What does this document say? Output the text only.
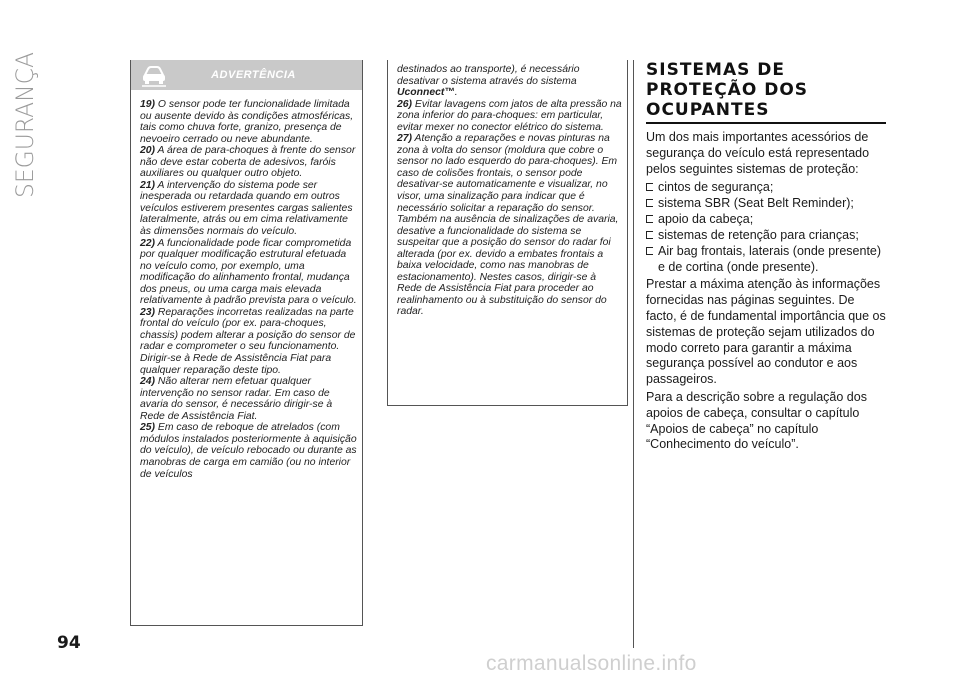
SEGURANÇA	ADVERTÊNCIA

19) O sensor pode ter funcionalidade limitada ou ausente devido às condições atmosféricas, tais como chuva forte, granizo, presença de nevoeiro cerrado ou neve abundante.

20) A área de para-choques à frente do sensor não deve estar coberta de adesivos, faróis auxiliares ou qualquer outro objeto.

21) A intervenção do sistema pode ser inesperada ou retardada quando em outros veículos estiverem presentes cargas salientes lateralmente, atrás ou em cima relativamente às dimensões normais do veículo.

22) A funcionalidade pode ficar comprometida por qualquer modificação estrutural efetuada no veículo como, por exemplo, uma modificação do alinhamento frontal, mudança dos pneus, ou uma carga mais elevada relativamente à padrão prevista para o veículo.

23) Reparações incorretas realizadas na parte frontal do veículo (por ex. para-choques, chassis) podem alterar a posição do sensor de radar e comprometer o seu funcionamento. Dirigir-se à Rede de Assistência Fiat para qualquer reparação deste tipo.

24) Não alterar nem efetuar qualquer intervenção no sensor radar. Em caso de avaria do sensor, é necessário dirigir-se à Rede de Assistência Fiat.

25) Em caso de reboque de atrelados (com módulos instalados posteriormente à aquisição do veículo), de veículo rebocado ou durante as manobras de carga em camião (ou no interior de veículos

destinados ao transporte), é necessário desativar o sistema através do sistema Uconnect™.

26) Evitar lavagens com jatos de alta pressão na zona inferior do para-choques: em particular, evitar mexer no conector elétrico do sistema.

27) Atenção a reparações e novas pinturas na zona à volta do sensor (moldura que cobre o sensor no lado esquerdo do para-choques). Em caso de colisões frontais, o sensor pode desativar-se automaticamente e visualizar, no visor, uma sinalização para indicar que é necessário solicitar a reparação do sensor. Também na ausência de sinalizações de avaria, desative a funcionalidade do sistema se suspeitar que a posição do sensor do radar foi alterada (por ex. devido a embates frontais a baixa velocidade, como nas manobras de estacionamento). Nestes casos, dirigir-se à Rede de Assistência Fiat para proceder ao realinhamento ou à substituição do sensor do radar.

SISTEMAS DE
PROTEÇÃO DOS
OCUPANTES

Um dos mais importantes acessórios de segurança do veículo está representado pelos seguintes sistemas de proteção:

cintos de segurança;
sistema SBR (Seat Belt Reminder);
apoio da cabeça;
sistemas de retenção para crianças;
Air bag frontais, laterais (onde presente) e de cortina (onde presente).

Prestar a máxima atenção às informações fornecidas nas páginas seguintes. De facto, é de fundamental importância que os sistemas de proteção sejam utilizados do modo correto para garantir a máxima segurança possível ao condutor e aos passageiros.

Para a descrição sobre a regulação dos apoios de cabeça, consultar o capítulo “Apoios de cabeça” no capítulo “Conhecimento do veículo”.

94
carmanualsonline.info
